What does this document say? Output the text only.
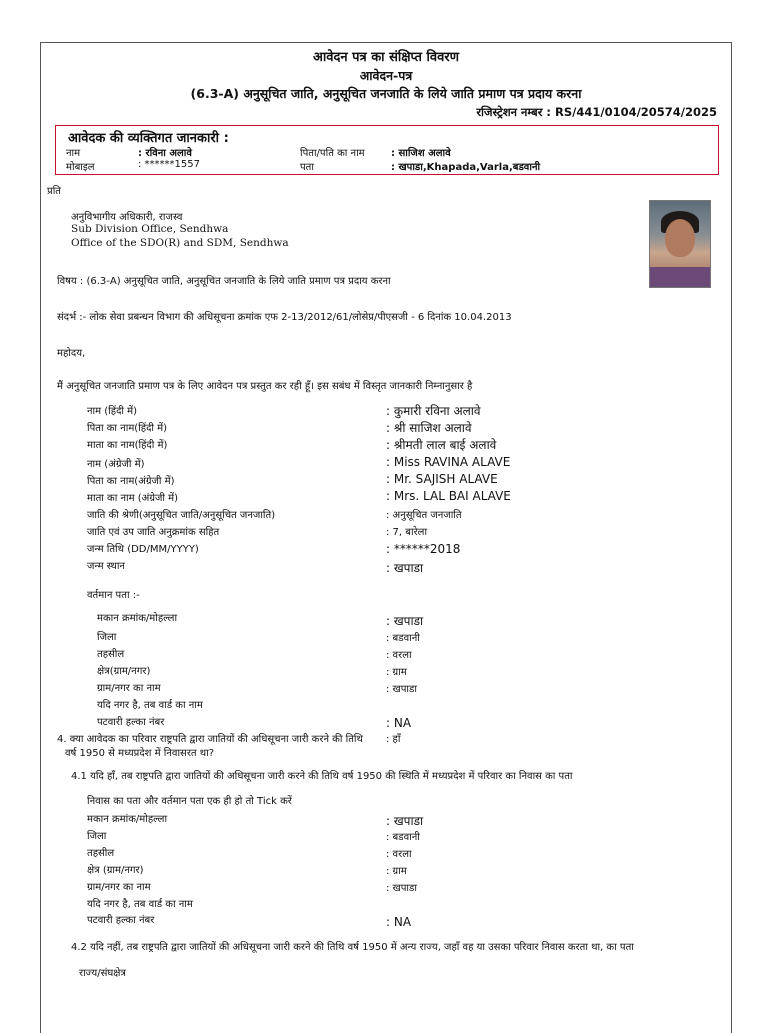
आवेदन पत्र का संक्षिप्त विवरण
आवेदन-पत्र
(6.3-A) अनुसूचित जाति, अनुसूचित जनजाति के लिये जाति प्रमाण पत्र प्रदाय करना
रजिस्ट्रेशन नम्बर : RS/441/0104/20574/2025
आवेदक की व्यक्तिगत जानकारी :
नाम	: रविना अलावे	पिता/पति का नाम	: साजिश अलावे
मोबाइल	: ******1557	पता	: खपाडा,Khapada,Varla,बडवानी
प्रति
अनुविभागीय अधिकारी, राजस्व
Sub Division Office, Sendhwa
Office of the SDO(R) and SDM, Sendhwa
विषय : (6.3-A) अनुसूचित जाति, अनुसूचित जनजाति के लिये जाति प्रमाण पत्र प्रदाय करना
संदर्भ :- लोक सेवा प्रबन्धन विभाग की अधिसूचना क्रमांक एफ 2-13/2012/61/लोसेप्र/पीएसजी - 6 दिनांक 10.04.2013
महोदय,
मैं अनुसूचित जनजाति प्रमाण पत्र के लिए आवेदन पत्र प्रस्तुत कर रही हूँ। इस सबंध में विस्तृत जानकारी निम्नानुसार है
नाम (हिंदी में)	: कुमारी रविना अलावे
पिता का नाम(हिंदी में)	: श्री साजिश अलावे
माता का नाम(हिंदी में)	: श्रीमती लाल बाई अलावे
नाम (अंग्रेजी में)	: Miss RAVINA ALAVE
पिता का नाम(अंग्रेजी में)	: Mr. SAJISH ALAVE
माता का नाम (अंग्रेजी में)	: Mrs. LAL BAI ALAVE
जाति की श्रेणी(अनुसूचित जाति/अनुसूचित जनजाति)	: अनुसूचित जनजाति
जाति एवं उप जाति अनुक्रमांक सहित	: 7, बारेला
जन्म तिथि (DD/MM/YYYY)	: ******2018
जन्म स्थान	: खपाडा
वर्तमान पता :-
मकान क्रमांक/मोहल्ला	: खपाडा
जिला	: बडवानी
तहसील	: वरला
क्षेत्र(ग्राम/नगर)	: ग्राम
ग्राम/नगर का नाम	: खपाडा
यदि नगर है, तब वार्ड का नाम
पटवारी हल्का नंबर	: NA
4. क्या आवेदक का परिवार राष्ट्रपति द्वारा जातियों की अधिसूचना जारी करने की तिथि
वर्ष 1950 से मध्यप्रदेश में निवासरत था?
: हाँ
4.1 यदि हाँ, तब राष्ट्रपति द्वारा जातियों की अधिसूचना जारी करने की तिथि वर्ष 1950 की स्थिति में मध्यप्रदेश में परिवार का निवास का पता
निवास का पता और वर्तमान पता एक ही हो तो Tick करें
मकान क्रमांक/मोहल्ला	: खपाडा
जिला	: बडवानी
तहसील	: वरला
क्षेत्र (ग्राम/नगर)	: ग्राम
ग्राम/नगर का नाम	: खपाडा
यदि नगर है, तब वार्ड का नाम
पटवारी हल्का नंबर	: NA
4.2 यदि नहीं, तब राष्ट्रपति द्वारा जातियों की अधिसूचना जारी करने की तिथि वर्ष 1950 में अन्य राज्य, जहाँ वह या उसका परिवार निवास करता था, का पता
राज्य/संघक्षेत्र
